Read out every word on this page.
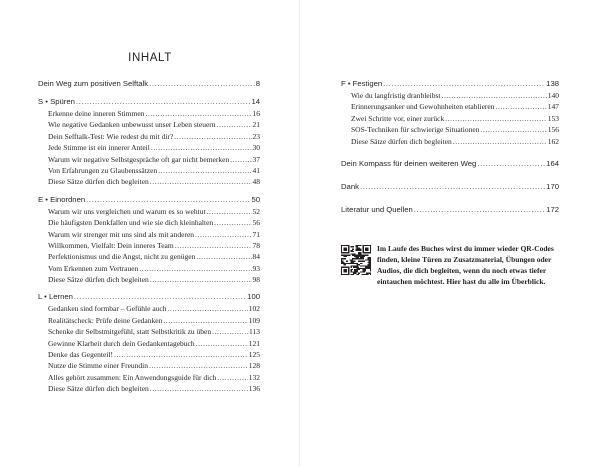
INHALT
Dein Weg zum positiven Selftalk .....	8
S • Spüren .....	14
Erkenne deine inneren Stimmen .....	16
Wie negative Gedanken unbewusst unser Leben steuern .....	21
Dein Selftalk-Test: Wie redest du mit dir? .....	23
Jede Stimme ist ein innerer Anteil .....	30
Warum wir negative Selbstgespräche oft gar nicht bemerken .....	37
Von Erfahrungen zu Glaubenssätzen .....	41
Diese Sätze dürfen dich begleiten .....	48
E • Einordnen .....	50
Warum wir uns vergleichen und warum es so wehtut .....	52
Die häufigsten Denkfallen und wie sie dich kleinhalten .....	56
Warum wir strenger mit uns sind als mit anderen .....	71
Willkommen, Vielfalt: Dein inneres Team .....	78
Perfektionismus und die Angst, nicht zu genügen .....	84
Vom Erkennen zum Vertrauen .....	93
Diese Sätze dürfen dich begleiten .....	98
L • Lernen .....	100
Gedanken sind formbar – Gefühle auch .....	102
Realitätscheck: Prüfe deine Gedanken .....	109
Schenke dir Selbstmitgefühl, statt Selbstkritik zu üben .....	113
Gewinne Klarheit durch dein Gedankentagebuch .....	121
Denke das Gegenteil! .....	125
Nutze die Stimme einer Freundin .....	128
Alles gehört zusammen: Ein Anwendungsguide für dich .....	132
Diese Sätze dürfen dich begleiten .....	136
F • Festigen .....	138
Wie du langfristig dranbleibst .....	140
Erinnerungsanker und Gewohnheiten etablieren .....	147
Zwei Schritte vor, einer zurück .....	153
SOS-Techniken für schwierige Situationen .....	156
Diese Sätze dürfen dich begleiten .....	162
Dein Kompass für deinen weiteren Weg .....	164
Dank .....	170
Literatur und Quellen .....	172
Im Laufe des Buches wirst du immer wieder QR-Codes finden, kleine Türen zu Zusatzmaterial, Übungen oder Audios, die dich begleiten, wenn du noch etwas tiefer eintauchen möchtest. Hier hast du alle im Überblick.
